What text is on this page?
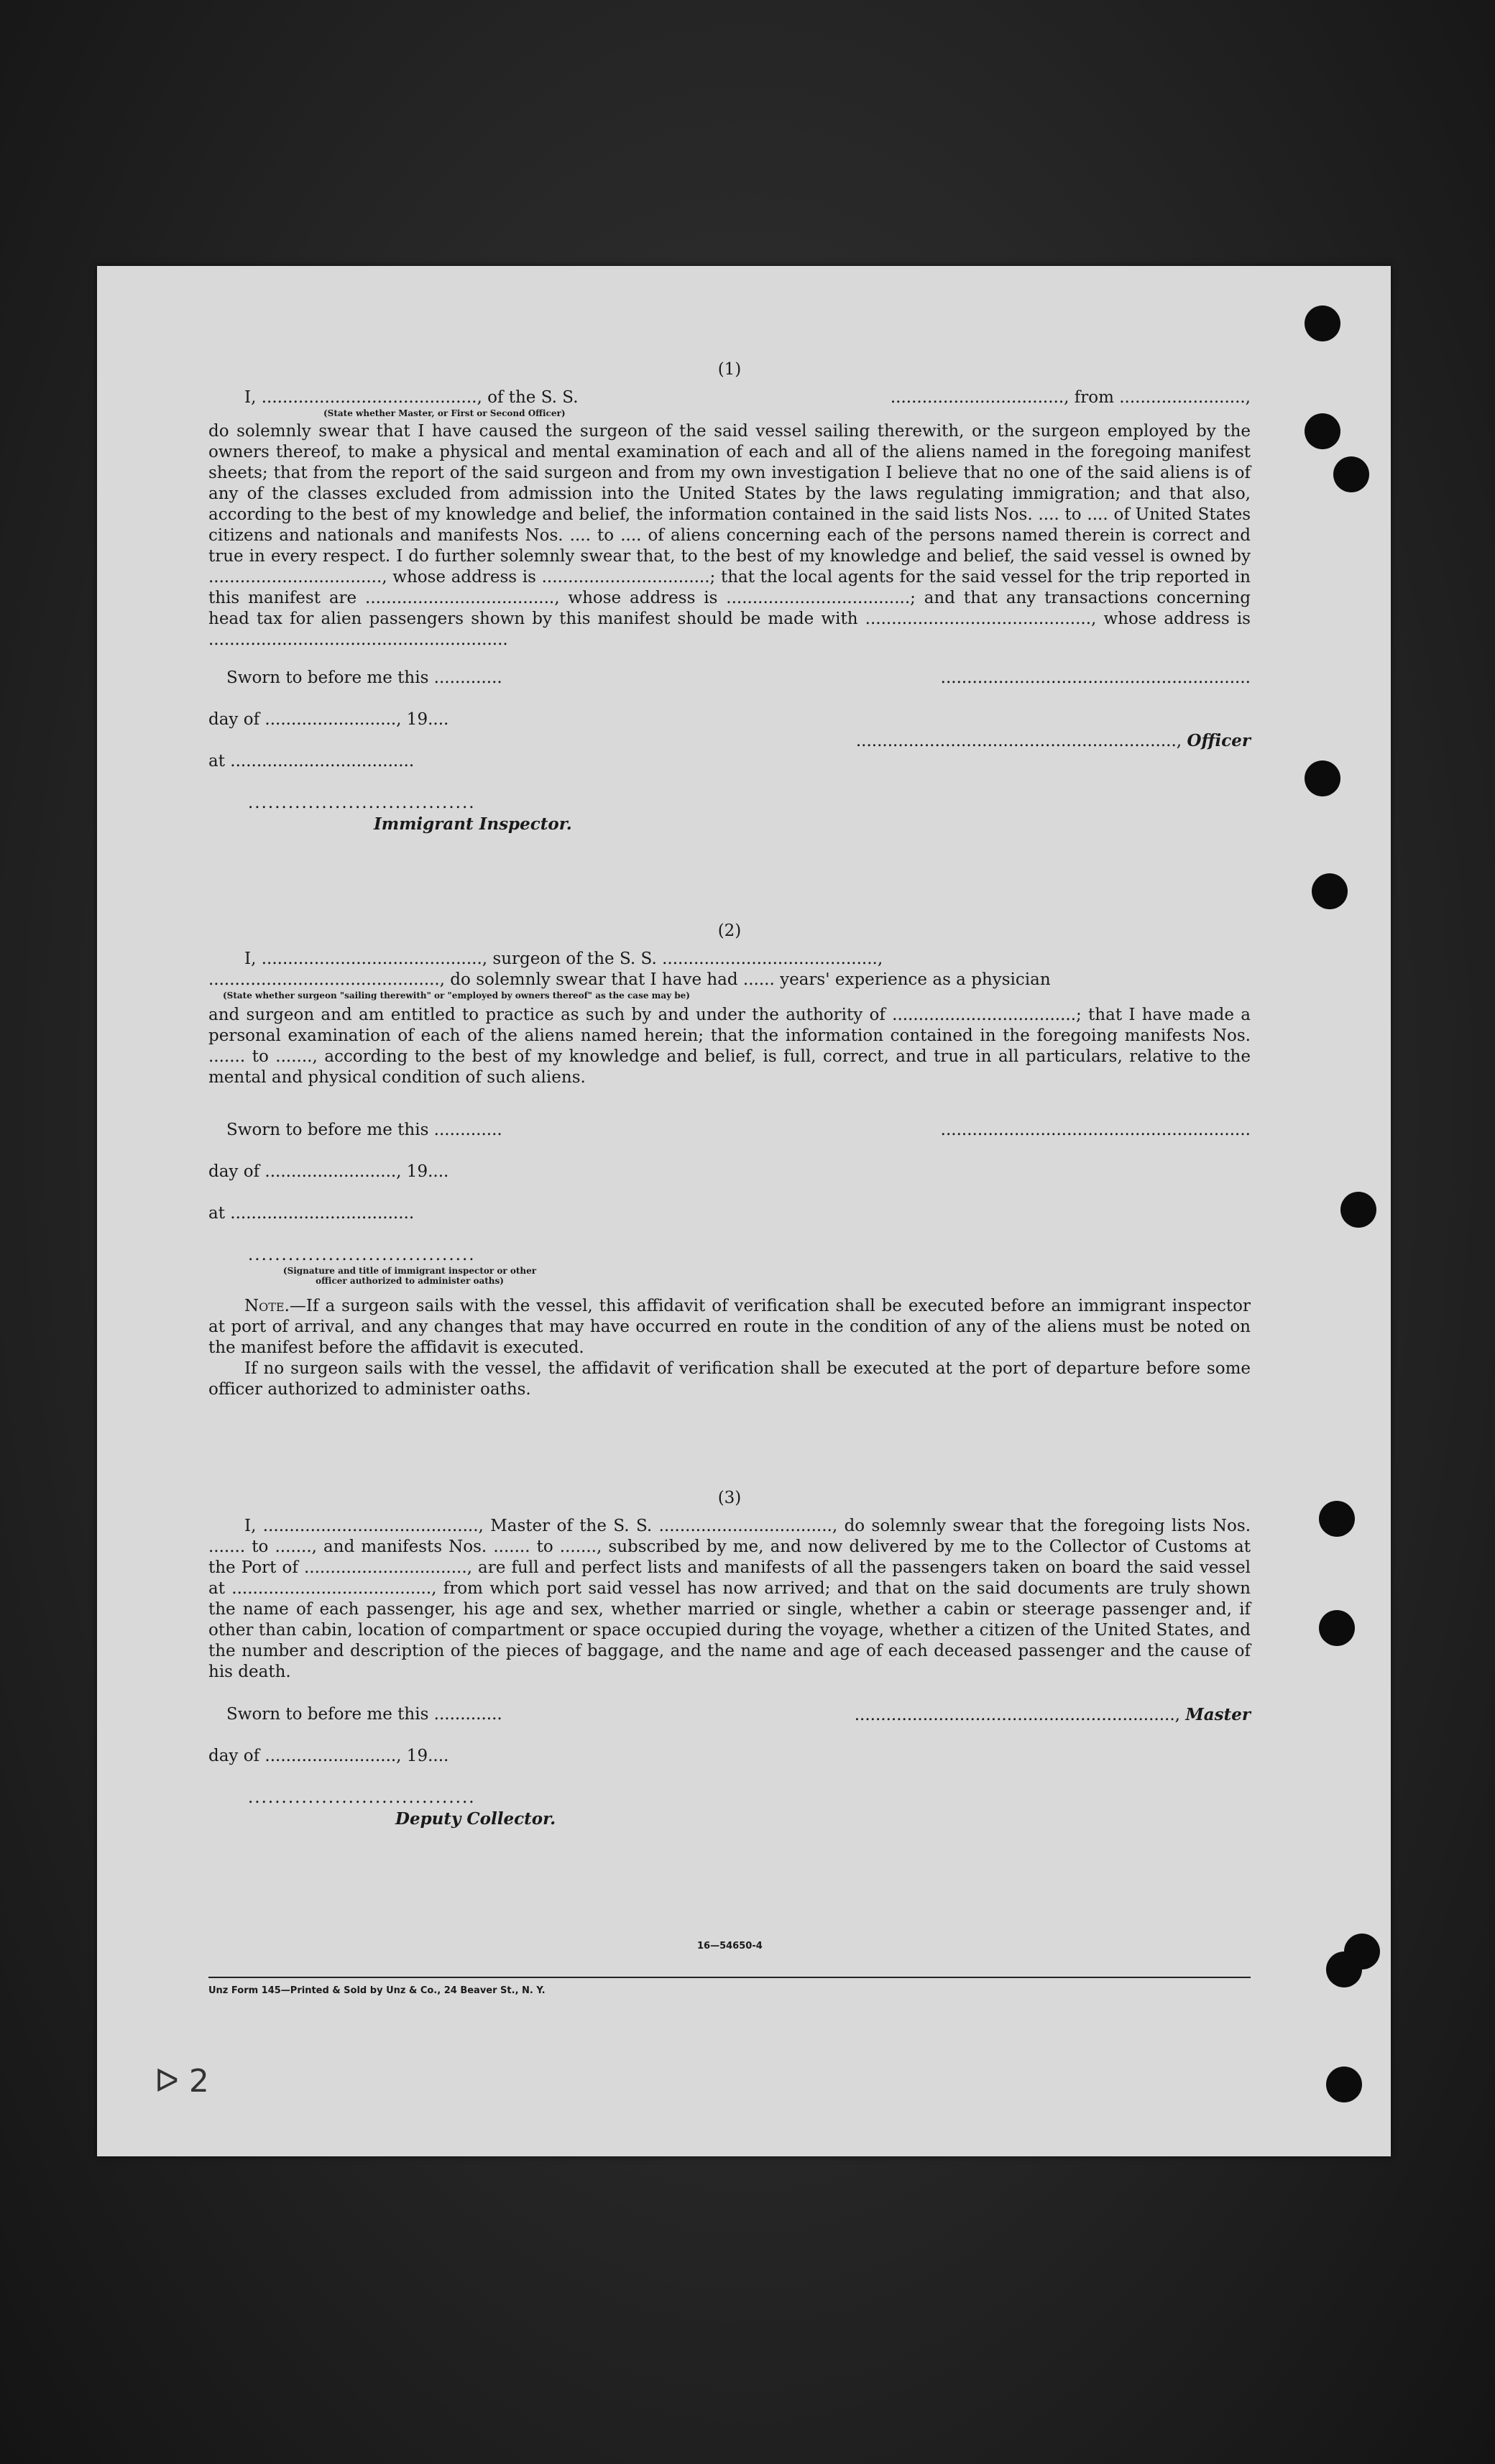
(1)
I, ........................................., of the S. S.	................................., from ........................,
(State whether Master, or First or Second Officer)
do solemnly swear that I have caused the surgeon of the said vessel sailing therewith, or the surgeon employed by the owners thereof, to make a physical and mental examination of each and all of the aliens named in the foregoing manifest sheets; that from the report of the said surgeon and from my own investigation I believe that no one of the said aliens is of any of the classes excluded from admission into the United States by the laws regulating immigration; and that also, according to the best of my knowledge and belief, the information contained in the said lists Nos. .... to .... of United States citizens and nationals and manifests Nos. .... to .... of aliens concerning each of the persons named therein is correct and true in every respect. I do further solemnly swear that, to the best of my knowledge and belief, the said vessel is owned by ................................., whose address is ................................; that the local agents for the said vessel for the trip reported in this manifest are ...................................., whose address is ...................................; and that any transactions concerning head tax for alien passengers shown by this manifest should be made with ..........................................., whose address is .........................................................
Sworn to before me this .............
day of ........................., 19....
at ...................................
..................................
Immigrant Inspector.
...........................................................
............................................................., Officer
(2)
I, .........................................., surgeon of the S. S. .........................................,
............................................, do solemnly swear that I have had ...... years' experience as a physician
(State whether surgeon "sailing therewith" or "employed by owners thereof" as the case may be)
and surgeon and am entitled to practice as such by and under the authority of ...................................; that I have made a personal examination of each of the aliens named herein; that the information contained in the foregoing manifests Nos. ....... to ......., according to the best of my knowledge and belief, is full, correct, and true in all particulars, relative to the mental and physical condition of such aliens.
Sworn to before me this .............
day of ........................., 19....
at ...................................
..................................
(Signature and title of immigrant inspector or other officer authorized to administer oaths)
...........................................................
Note.—If a surgeon sails with the vessel, this affidavit of verification shall be executed before an immigrant inspector at port of arrival, and any changes that may have occurred en route in the condition of any of the aliens must be noted on the manifest before the affidavit is executed.
If no surgeon sails with the vessel, the affidavit of verification shall be executed at the port of departure before some officer authorized to administer oaths.
(3)
I, ........................................., Master of the S. S. ................................., do solemnly swear that the foregoing lists Nos. ....... to ......., and manifests Nos. ....... to ......., subscribed by me, and now delivered by me to the Collector of Customs at the Port of ..............................., are full and perfect lists and manifests of all the passengers taken on board the said vessel at ......................................, from which port said vessel has now arrived; and that on the said documents are truly shown the name of each passenger, his age and sex, whether married or single, whether a cabin or steerage passenger and, if other than cabin, location of compartment or space occupied during the voyage, whether a citizen of the United States, and the number and description of the pieces of baggage, and the name and age of each deceased passenger and the cause of his death.
Sworn to before me this .............
day of ........................., 19....
..................................
Deputy Collector.
............................................................., Master
16—54650-4
Unz Form 145—Printed & Sold by Unz & Co., 24 Beaver St., N. Y.
ᐅ 2
